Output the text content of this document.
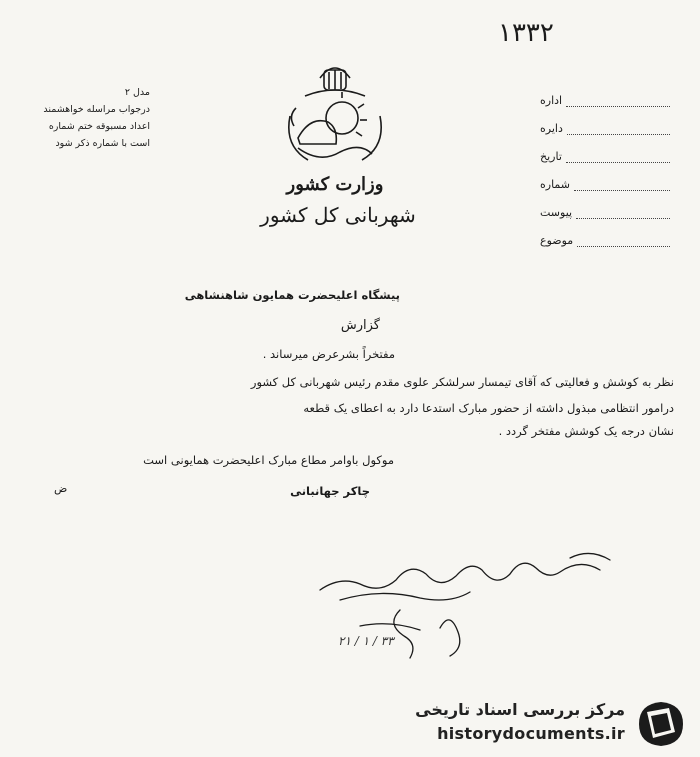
۱۳۳۲
مدل ۲
درجواب مراسله خواهشمند
اعداد مسبوقه ختم شماره
است با شماره ذکر شود
وزارت کشور
شهربانی کل کشور
اداره
دایره
تاریخ
شماره
پیوست
موضوع
پیشگاه اعلیحضرت همایون شاهنشاهی
گزارش
مفتخراً بشرعرض میرساند .
نظر به کوشش و فعالیتی که آقای تیمسار سرلشکر علوی مقدم رئیس شهربانی کل کشور
درامور انتظامی مبذول داشته از حضور مبارک استدعا دارد به اعطای یک قطعه
نشان درجه یک کوشش مفتخر گردد .
موکول باوامر مطاع مبارک اعلیحضرت همایونی است
چاکر جهانبانی
ض
۲۱ / ۱ / ۳۳
مرکز بررسی اسناد تاریخی
historydocuments.ir
